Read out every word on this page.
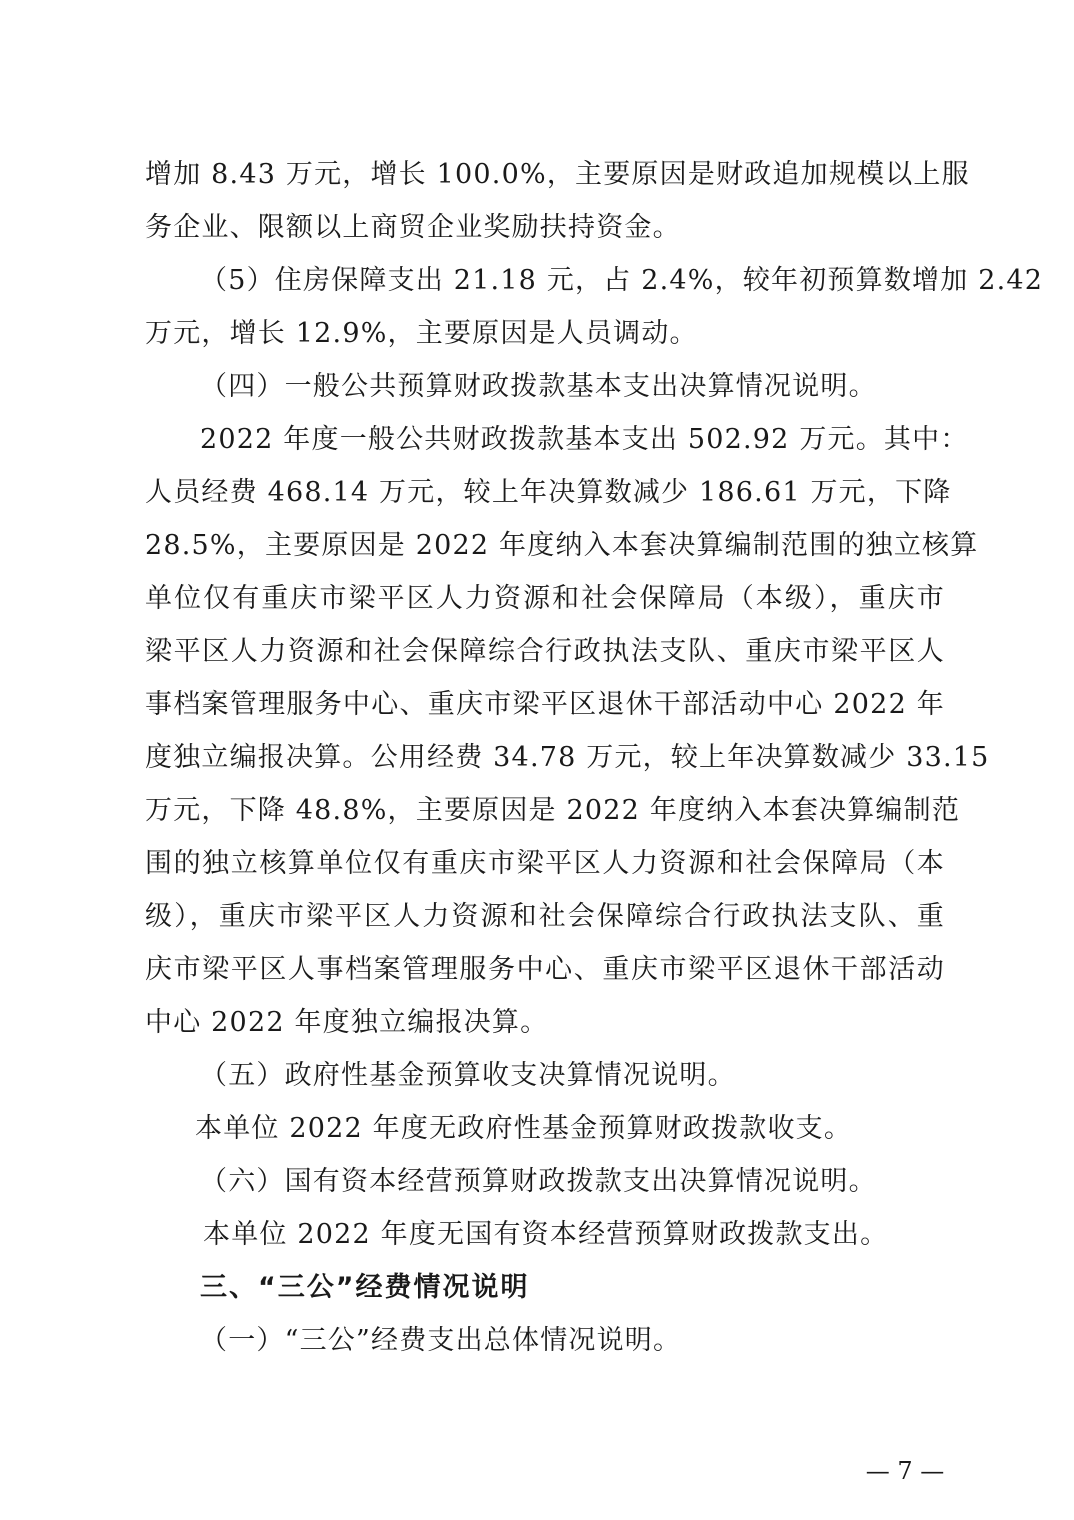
增加 8.43 万元，增长 100.0%，主要原因是财政追加规模以上服
务企业、限额以上商贸企业奖励扶持资金。
（5）住房保障支出 21.18 元，占 2.4%，较年初预算数增加 2.42
万元，增长 12.9%，主要原因是人员调动。
（四）一般公共预算财政拨款基本支出决算情况说明。
2022 年度一般公共财政拨款基本支出 502.92 万元。其中：
人员经费 468.14 万元，较上年决算数减少 186.61 万元，下降
28.5%，主要原因是 2022 年度纳入本套决算编制范围的独立核算
单位仅有重庆市梁平区人力资源和社会保障局（本级），重庆市
梁平区人力资源和社会保障综合行政执法支队、重庆市梁平区人
事档案管理服务中心、重庆市梁平区退休干部活动中心 2022 年
度独立编报决算。公用经费 34.78 万元，较上年决算数减少 33.15
万元，下降 48.8%，主要原因是 2022 年度纳入本套决算编制范
围的独立核算单位仅有重庆市梁平区人力资源和社会保障局（本
级），重庆市梁平区人力资源和社会保障综合行政执法支队、重
庆市梁平区人事档案管理服务中心、重庆市梁平区退休干部活动
中心 2022 年度独立编报决算。
（五）政府性基金预算收支决算情况说明。
本单位 2022 年度无政府性基金预算财政拨款收支。
（六）国有资本经营预算财政拨款支出决算情况说明。
本单位 2022 年度无国有资本经营预算财政拨款支出。
三、“三公”经费情况说明
（一）“三公”经费支出总体情况说明。
— 7 —
